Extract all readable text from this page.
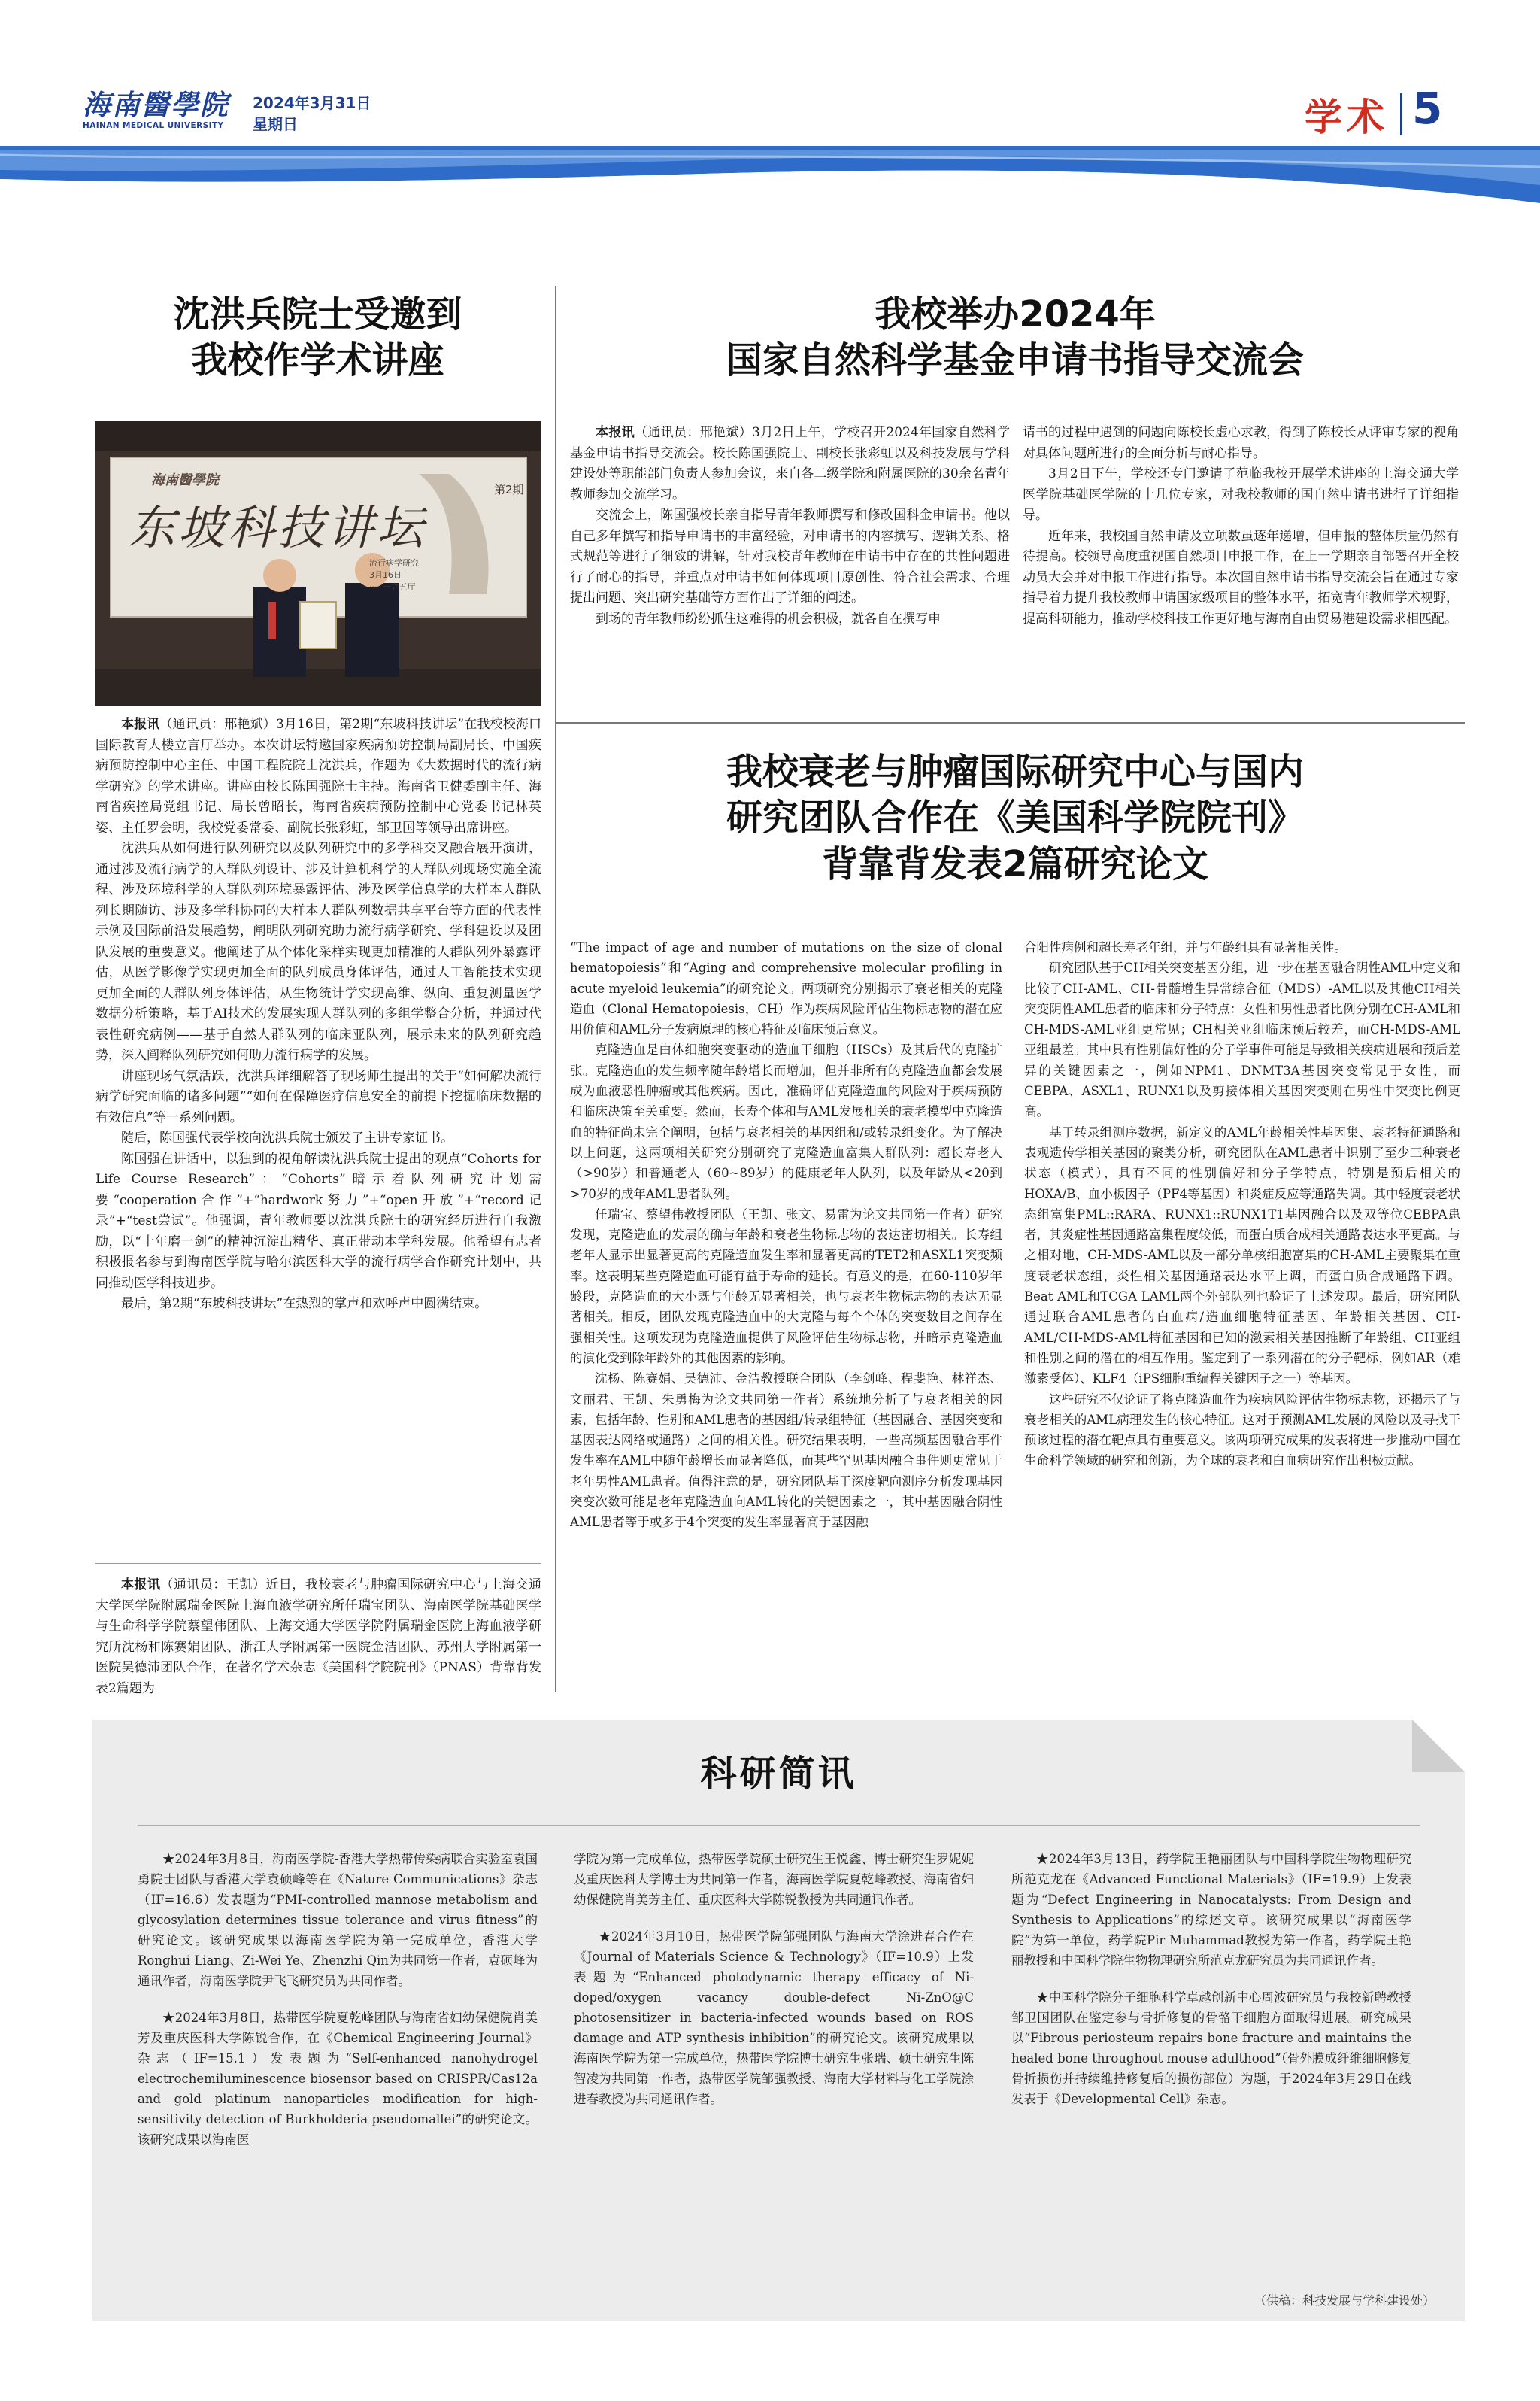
海南醫學院
HAINAN MEDICAL UNIVERSITY
2024年3月31日
星期日	学术 5
沈洪兵院士受邀到
我校作学术讲座
海南醫學院
东坡科技讲坛
第2期
流行病学研究
3月16日
···· 一立五厅

本报讯（通讯员：邢艳斌）3月16日，第2期“东坡科技讲坛”在我校校海口国际教育大楼立言厅举办。本次讲坛特邀国家疾病预防控制局副局长、中国疾病预防控制中心主任、中国工程院院士沈洪兵，作题为《大数据时代的流行病学研究》的学术讲座。讲座由校长陈国强院士主持。海南省卫健委副主任、海南省疾控局党组书记、局长曾昭长，海南省疾病预防控制中心党委书记林英姿、主任罗会明，我校党委常委、副院长张彩虹，邹卫国等领导出席讲座。

沈洪兵从如何进行队列研究以及队列研究中的多学科交叉融合展开演讲，通过涉及流行病学的人群队列设计、涉及计算机科学的人群队列现场实施全流程、涉及环境科学的人群队列环境暴露评估、涉及医学信息学的大样本人群队列长期随访、涉及多学科协同的大样本人群队列数据共享平台等方面的代表性示例及国际前沿发展趋势，阐明队列研究助力流行病学研究、学科建设以及团队发展的重要意义。他阐述了从个体化采样实现更加精准的人群队列外暴露评估，从医学影像学实现更加全面的队列成员身体评估，通过人工智能技术实现更加全面的人群队列身体评估，从生物统计学实现高维、纵向、重复测量医学数据分析策略，基于AI技术的发展实现人群队列的多组学整合分析，并通过代表性研究病例——基于自然人群队列的临床亚队列，展示未来的队列研究趋势，深入阐释队列研究如何助力流行病学的发展。

讲座现场气氛活跃，沈洪兵详细解答了现场师生提出的关于“如何解决流行病学研究面临的诸多问题”“如何在保障医疗信息安全的前提下挖掘临床数据的有效信息”等一系列问题。

随后，陈国强代表学校向沈洪兵院士颁发了主讲专家证书。

陈国强在讲话中，以独到的视角解读沈洪兵院士提出的观点“Cohorts for Life Course Research”：“Cohorts”暗示着队列研究计划需要“cooperation合作”+“hardwork努力”+“open开放”+“record记录”+“test尝试”。他强调，青年教师要以沈洪兵院士的研究经历进行自我激励，以“十年磨一剑”的精神沉淀出精华、真正带动本学科发展。他希望有志者积极报名参与到海南医学院与哈尔滨医科大学的流行病学合作研究计划中，共同推动医学科技进步。

最后，第2期“东坡科技讲坛”在热烈的掌声和欢呼声中圆满结束。

本报讯（通讯员：王凯）近日，我校衰老与肿瘤国际研究中心与上海交通大学医学院附属瑞金医院上海血液学研究所任瑞宝团队、海南医学院基础医学与生命科学学院蔡望伟团队、上海交通大学医学院附属瑞金医院上海血液学研究所沈杨和陈赛娟团队、浙江大学附属第一医院金洁团队、苏州大学附属第一医院吴德沛团队合作，在著名学术杂志《美国科学院院刊》（PNAS）背靠背发表2篇题为

我校举办2024年
国家自然科学基金申请书指导交流会

本报讯（通讯员：邢艳斌）3月2日上午，学校召开2024年国家自然科学基金申请书指导交流会。校长陈国强院士、副校长张彩虹以及科技发展与学科建设处等职能部门负责人参加会议，来自各二级学院和附属医院的30余名青年教师参加交流学习。

交流会上，陈国强校长亲自指导青年教师撰写和修改国科金申请书。他以自己多年撰写和指导申请书的丰富经验，对申请书的内容撰写、逻辑关系、格式规范等进行了细致的讲解，针对我校青年教师在申请书中存在的共性问题进行了耐心的指导，并重点对申请书如何体现项目原创性、符合社会需求、合理提出问题、突出研究基础等方面作出了详细的阐述。

到场的青年教师纷纷抓住这难得的机会积极，就各自在撰写申

请书的过程中遇到的问题向陈校长虚心求教，得到了陈校长从评审专家的视角对具体问题所进行的全面分析与耐心指导。

3月2日下午，学校还专门邀请了范临我校开展学术讲座的上海交通大学医学院基础医学院的十几位专家，对我校教师的国自然申请书进行了详细指导。

近年来，我校国自然申请及立项数虽逐年递增，但申报的整体质量仍然有待提高。校领导高度重视国自然项目申报工作，在上一学期亲自部署召开全校动员大会并对申报工作进行指导。本次国自然申请书指导交流会旨在通过专家指导着力提升我校教师申请国家级项目的整体水平，拓宽青年教师学术视野，提高科研能力，推动学校科技工作更好地与海南自由贸易港建设需求相匹配。

我校衰老与肿瘤国际研究中心与国内
研究团队合作在《美国科学院院刊》
背靠背发表2篇研究论文

“The impact of age and number of mutations on the size of clonal hematopoiesis”和“Aging and comprehensive molecular profiling in acute myeloid leukemia”的研究论文。两项研究分别揭示了衰老相关的克隆造血（Clonal Hematopoiesis，CH）作为疾病风险评估生物标志物的潜在应用价值和AML分子发病原理的核心特征及临床预后意义。

克隆造血是由体细胞突变驱动的造血干细胞（HSCs）及其后代的克隆扩张。克隆造血的发生频率随年龄增长而增加，但并非所有的克隆造血都会发展成为血液恶性肿瘤或其他疾病。因此，准确评估克隆造血的风险对于疾病预防和临床决策至关重要。然而，长寿个体和与AML发展相关的衰老模型中克隆造血的特征尚未完全阐明，包括与衰老相关的基因组和/或转录组变化。为了解决以上问题，这两项相关研究分别研究了克隆造血富集人群队列：超长寿老人（>90岁）和普通老人（60~89岁）的健康老年人队列，以及年龄从<20到>70岁的成年AML患者队列。

任瑞宝、蔡望伟教授团队（王凯、张文、易雷为论文共同第一作者）研究发现，克隆造血的发展的确与年龄和衰老生物标志物的表达密切相关。长寿组老年人显示出显著更高的克隆造血发生率和显著更高的TET2和ASXL1突变频率。这表明某些克隆造血可能有益于寿命的延长。有意义的是，在60-110岁年龄段，克隆造血的大小既与年龄无显著相关，也与衰老生物标志物的表达无显著相关。相反，团队发现克隆造血中的大克隆与每个个体的突变数目之间存在强相关性。这项发现为克隆造血提供了风险评估生物标志物，并暗示克隆造血的演化受到除年龄外的其他因素的影响。

沈杨、陈赛娟、吴德沛、金洁教授联合团队（李剑峰、程斐艳、林祥杰、文丽君、王凯、朱勇梅为论文共同第一作者）系统地分析了与衰老相关的因素，包括年龄、性别和AML患者的基因组/转录组特征（基因融合、基因突变和基因表达网络或通路）之间的相关性。研究结果表明，一些高频基因融合事件发生率在AML中随年龄增长而显著降低，而某些罕见基因融合事件则更常见于老年男性AML患者。值得注意的是，研究团队基于深度靶向测序分析发现基因突变次数可能是老年克隆造血向AML转化的关键因素之一，其中基因融合阴性AML患者等于或多于4个突变的发生率显著高于基因融

合阳性病例和超长寿老年组，并与年龄组具有显著相关性。

研究团队基于CH相关突变基因分组，进一步在基因融合阴性AML中定义和比较了CH-AML、CH-骨髓增生异常综合征（MDS）-AML以及其他CH相关突变阴性AML患者的临床和分子特点：女性和男性患者比例分别在CH-AML和CH-MDS-AML亚组更常见；CH相关亚组临床预后较差，而CH-MDS-AML亚组最差。其中具有性别偏好性的分子学事件可能是导致相关疾病进展和预后差异的关键因素之一，例如NPM1、DNMT3A基因突变常见于女性，而CEBPA、ASXL1、RUNX1以及剪接体相关基因突变则在男性中突变比例更高。

基于转录组测序数据，新定义的AML年龄相关性基因集、衰老特征通路和表观遗传学相关基因的聚类分析，研究团队在AML患者中识别了至少三种衰老状态（模式），具有不同的性别偏好和分子学特点，特别是预后相关的HOXA/B、血小板因子（PF4等基因）和炎症反应等通路失调。其中轻度衰老状态组富集PML::RARA、RUNX1::RUNX1T1基因融合以及双等位CEBPA患者，其炎症性基因通路富集程度较低，而蛋白质合成相关通路表达水平更高。与之相对地，CH-MDS-AML以及一部分单核细胞富集的CH-AML主要聚集在重度衰老状态组，炎性相关基因通路表达水平上调，而蛋白质合成通路下调。Beat AML和TCGA LAML两个外部队列也验证了上述发现。最后，研究团队通过联合AML患者的白血病/造血细胞特征基因、年龄相关基因、CH-AML/CH-MDS-AML特征基因和已知的激素相关基因推断了年龄组、CH亚组和性别之间的潜在的相互作用。鉴定到了一系列潜在的分子靶标，例如AR（雄激素受体）、KLF4（iPS细胞重编程关键因子之一）等基因。

这些研究不仅论证了将克隆造血作为疾病风险评估生物标志物，还揭示了与衰老相关的AML病理发生的核心特征。这对于预测AML发展的风险以及寻找干预该过程的潜在靶点具有重要意义。该两项研究成果的发表将进一步推动中国在生命科学领域的研究和创新，为全球的衰老和白血病研究作出积极贡献。

科研简讯

★2024年3月8日，海南医学院-香港大学热带传染病联合实验室袁国勇院士团队与香港大学袁硕峰等在《Nature Communications》杂志（IF=16.6）发表题为“PMI-controlled mannose metabolism and glycosylation determines tissue tolerance and virus fitness”的研究论文。该研究成果以海南医学院为第一完成单位，香港大学Ronghui Liang、Zi-Wei Ye、Zhenzhi Qin为共同第一作者，袁硕峰为通讯作者，海南医学院尹飞飞研究员为共同作者。

★2024年3月8日，热带医学院夏乾峰团队与海南省妇幼保健院肖美芳及重庆医科大学陈锐合作，在《Chemical Engineering Journal》杂志（IF=15.1）发表题为“Self-enhanced nanohydrogel electrochemiluminescence biosensor based on CRISPR/Cas12a and gold platinum nanoparticles modification for high-sensitivity detection of Burkholderia pseudomallei”的研究论文。该研究成果以海南医

学院为第一完成单位，热带医学院硕士研究生王悦鑫、博士研究生罗妮妮及重庆医科大学博士为共同第一作者，海南医学院夏乾峰教授、海南省妇幼保健院肖美芳主任、重庆医科大学陈锐教授为共同通讯作者。

★2024年3月10日，热带医学院邹强团队与海南大学涂进春合作在《Journal of Materials Science & Technology》（IF=10.9）上发表题为“Enhanced photodynamic therapy efficacy of Ni-doped/oxygen vacancy double-defect Ni-ZnO@C photosensitizer in bacteria-infected wounds based on ROS damage and ATP synthesis inhibition”的研究论文。该研究成果以海南医学院为第一完成单位，热带医学院博士研究生张瑞、硕士研究生陈智凌为共同第一作者，热带医学院邹强教授、海南大学材料与化工学院涂进春教授为共同通讯作者。

★2024年3月13日，药学院王艳丽团队与中国科学院生物物理研究所范克龙在《Advanced Functional Materials》（IF=19.9）上发表题为“Defect Engineering in Nanocatalysts: From Design and Synthesis to Applications”的综述文章。该研究成果以“海南医学院”为第一单位，药学院Pir Muhammad教授为第一作者，药学院王艳丽教授和中国科学院生物物理研究所范克龙研究员为共同通讯作者。

★中国科学院分子细胞科学卓越创新中心周波研究员与我校新聘教授邹卫国团队在鉴定参与骨折修复的骨骼干细胞方面取得进展。研究成果以“Fibrous periosteum repairs bone fracture and maintains the healed bone throughout mouse adulthood”（骨外膜成纤维细胞修复骨折损伤并持续维持修复后的损伤部位）为题，于2024年3月29日在线发表于《Developmental Cell》杂志。

（供稿：科技发展与学科建设处）
